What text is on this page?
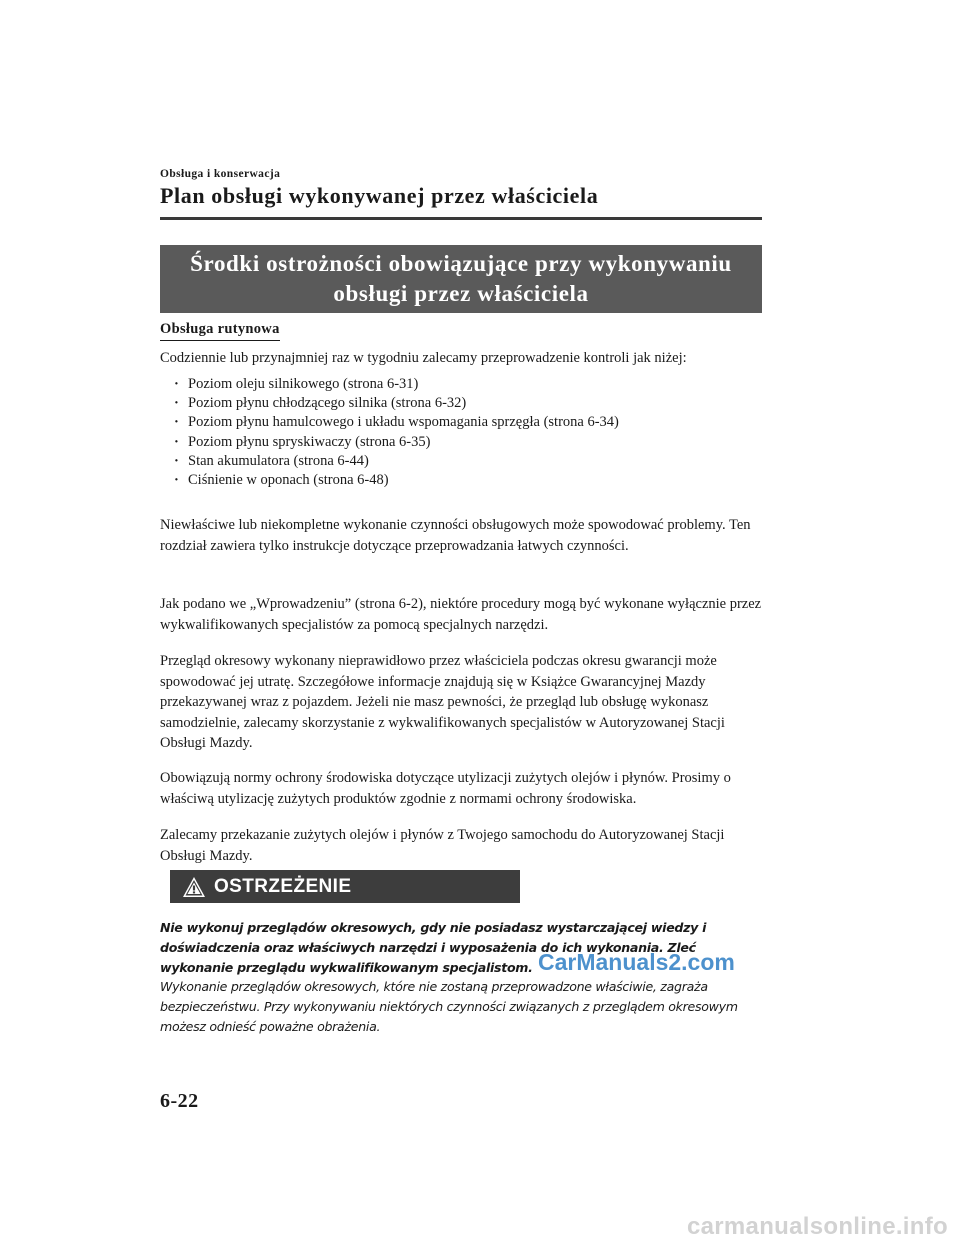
Obsługa i konserwacja
Plan obsługi wykonywanej przez właściciela
Środki ostrożności obowiązujące przy wykonywaniu
obsługi przez właściciela
Obsługa rutynowa

Codziennie lub przynajmniej raz w tygodniu zalecamy przeprowadzenie kontroli jak niżej:

· Poziom oleju silnikowego (strona 6-31)
· Poziom płynu chłodzącego silnika (strona 6-32)
· Poziom płynu hamulcowego i układu wspomagania sprzęgła (strona 6-34)
· Poziom płynu spryskiwaczy (strona 6-35)
· Stan akumulatora (strona 6-44)
· Ciśnienie w oponach (strona 6-48)

Niewłaściwe lub niekompletne wykonanie czynności obsługowych może spowodować problemy. Ten rozdział zawiera tylko instrukcje dotyczące przeprowadzania łatwych czynności.

Jak podano we „Wprowadzeniu” (strona 6-2), niektóre procedury mogą być wykonane wyłącznie przez wykwalifikowanych specjalistów za pomocą specjalnych narzędzi.

Przegląd okresowy wykonany nieprawidłowo przez właściciela podczas okresu gwarancji może spowodować jej utratę. Szczegółowe informacje znajdują się w Książce Gwarancyjnej Mazdy przekazywanej wraz z pojazdem. Jeżeli nie masz pewności, że przegląd lub obsługę wykonasz samodzielnie, zalecamy skorzystanie z wykwalifikowanych specjalistów w Autoryzowanej Stacji Obsługi Mazdy.

Obowiązują normy ochrony środowiska dotyczące utylizacji zużytych olejów i płynów. Prosimy o właściwą utylizację zużytych produktów zgodnie z normami ochrony środowiska.

Zalecamy przekazanie zużytych olejów i płynów z Twojego samochodu do Autoryzowanej Stacji Obsługi Mazdy.

OSTRZEŻENIE
Nie wykonuj przeglądów okresowych, gdy nie posiadasz wystarczającej wiedzy i doświadczenia oraz właściwych narzędzi i wyposażenia do ich wykonania. Zleć wykonanie przeglądu wykwalifikowanym specjalistom.
Wykonanie przeglądów okresowych, które nie zostaną przeprowadzone właściwie, zagraża bezpieczeństwu. Przy wykonywaniu niektórych czynności związanych z przeglądem okresowym możesz odnieść poważne obrażenia.
CarManuals2.com
6-22
carmanualsonline.info
